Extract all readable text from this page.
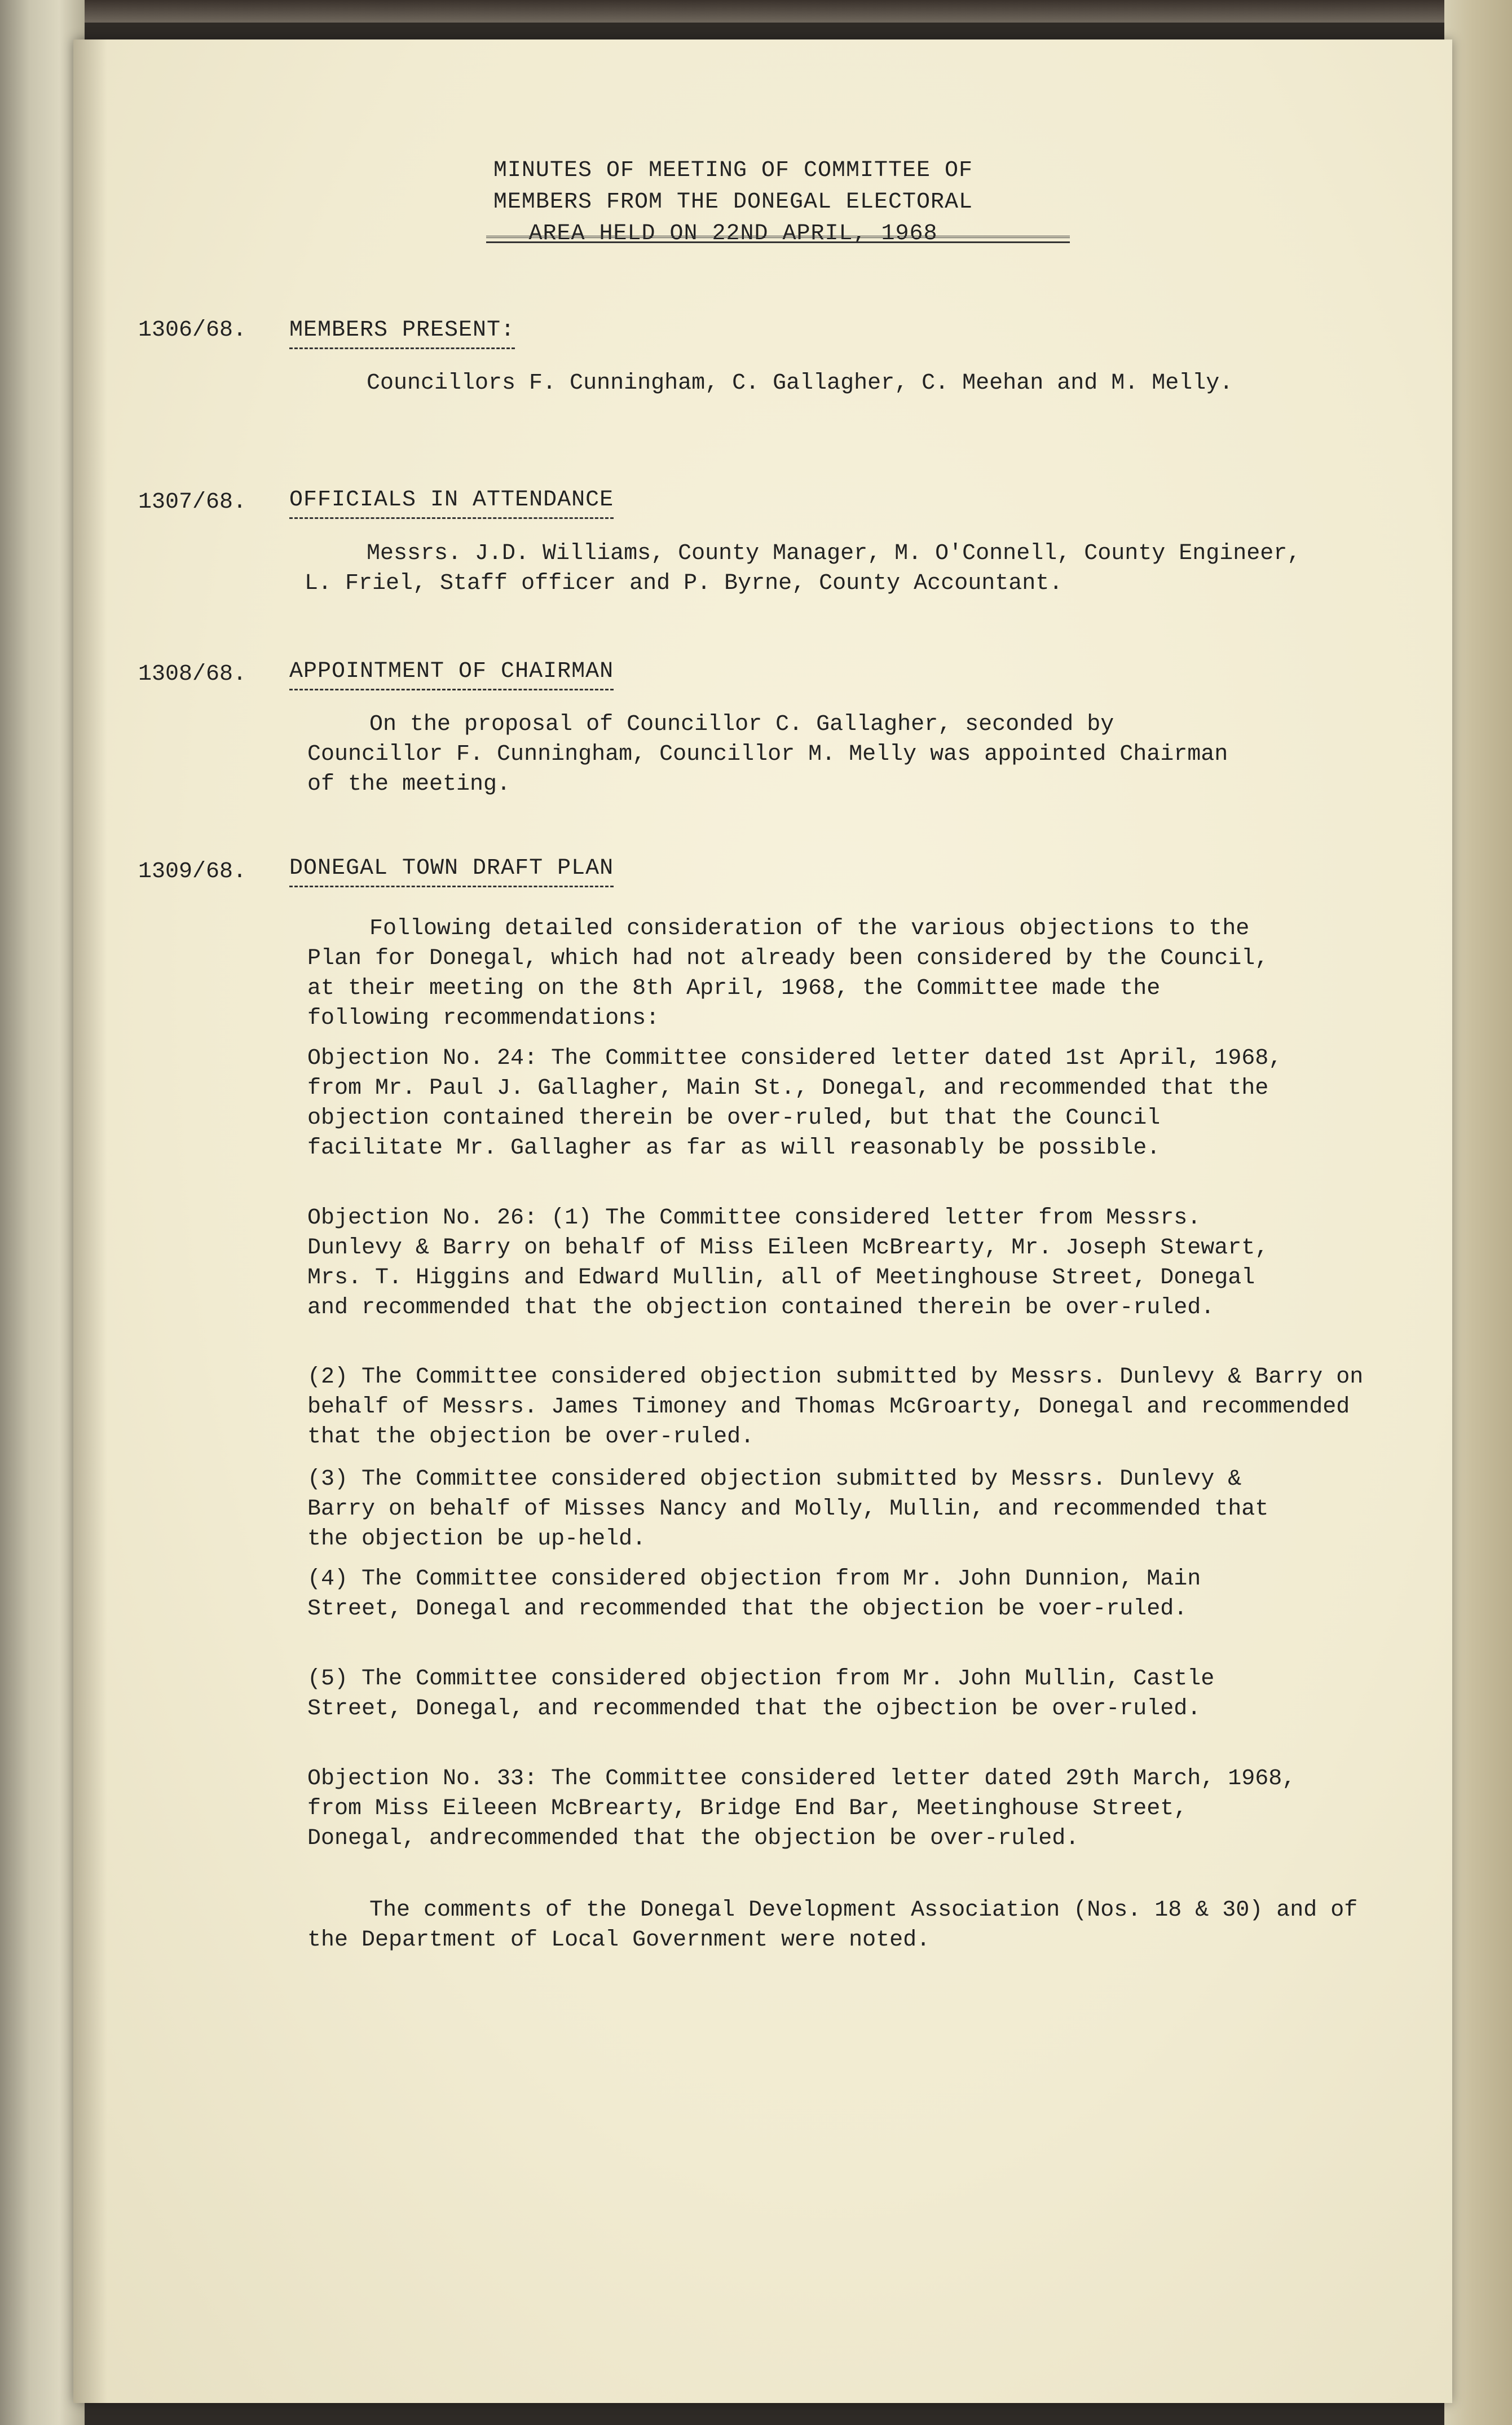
MINUTES OF MEETING OF COMMITTEE OF
MEMBERS FROM THE DONEGAL ELECTORAL
AREA HELD ON 22ND APRIL, 1968
1306/68. MEMBERS PRESENT:
Councillors F. Cunningham, C. Gallagher, C. Meehan and M. Melly.
1307/68. OFFICIALS IN ATTENDANCE
Messrs. J.D. Williams, County Manager, M. O'Connell, County Engineer, L. Friel, Staff officer and P. Byrne, County Accountant.
1308/68. APPOINTMENT OF CHAIRMAN
On the proposal of Councillor C. Gallagher, seconded by Councillor F. Cunningham, Councillor M. Melly was appointed Chairman of the meeting.
1309/68. DONEGAL TOWN DRAFT PLAN
Following detailed consideration of the various objections to the Plan for Donegal, which had not already been considered by the Council, at their meeting on the 8th April, 1968, the Committee made the following recommendations:
Objection No. 24: The Committee considered letter dated 1st April, 1968, from Mr. Paul J. Gallagher, Main St., Donegal, and recommended that the objection contained therein be over-ruled, but that the Council facilitate Mr. Gallagher as far as will reasonably be possible.
Objection No. 26: (1) The Committee considered letter from Messrs. Dunlevy & Barry on behalf of Miss Eileen McBrearty, Mr. Joseph Stewart, Mrs. T. Higgins and Edward Mullin, all of Meetinghouse Street, Donegal and recommended that the objection contained therein be over-ruled.
(2) The Committee considered objection submitted by Messrs. Dunlevy & Barry on behalf of Messrs. James Timoney and Thomas McGroarty, Donegal and recommended that the objection be over-ruled.
(3) The Committee considered objection submitted by Messrs. Dunlevy & Barry on behalf of Misses Nancy and Molly, Mullin, and recommended that the objection be up-held.
(4) The Committee considered objection from Mr. John Dunnion, Main Street, Donegal and recommended that the objection be voer-ruled.
(5) The Committee considered objection from Mr. John Mullin, Castle Street, Donegal, and recommended that the ojbection be over-ruled.
Objection No. 33: The Committee considered letter dated 29th March, 1968, from Miss Eileeen McBrearty, Bridge End Bar, Meetinghouse Street, Donegal, andrecommended that the objection be over-ruled.
The comments of the Donegal Development Association (Nos. 18 & 30) and of the Department of Local Government were noted.
